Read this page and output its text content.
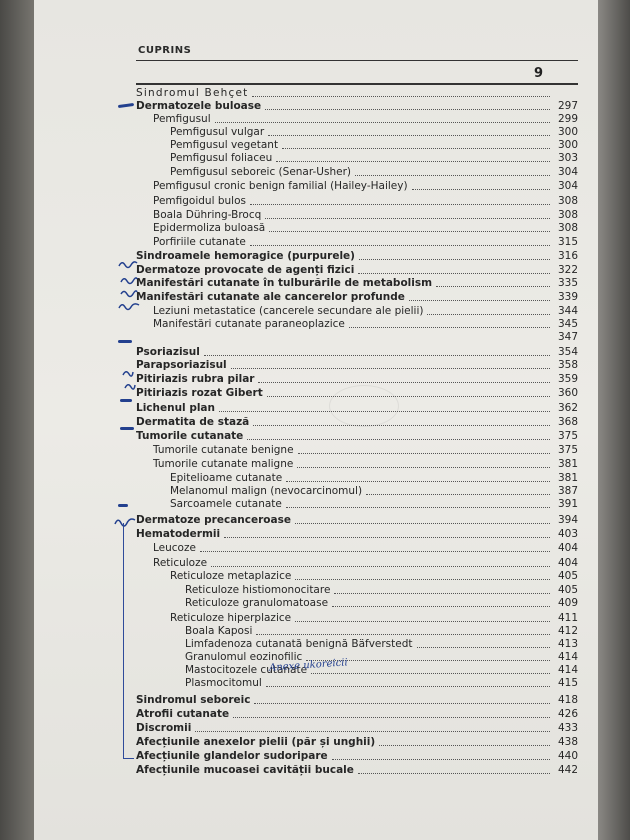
CUPRINS
9
Sindromul Behçet
Dermatozele buloase	297
Pemfigusul	299
Pemfigusul vulgar	300
Pemfigusul vegetant	300
Pemfigusul foliaceu	303
Pemfigusul seboreic (Senar-Usher)	304
Pemfigusul cronic benign familial (Hailey-Hailey)	304
Pemfigoidul bulos	308
Boala Dühring-Brocq	308
Epidermoliza buloasă	308
Porfiriile cutanate	315
Sindroamele hemoragice (purpurele)	316
Dermatoze provocate de agenți fizici	322
Manifestări cutanate în tulburările de metabolism	335
Manifestări cutanate ale cancerelor profunde	339
Leziuni metastatice (cancerele secundare ale pielii)	344
Manifestări cutanate paraneoplazice	345
347
Psoriazisul	354
Parapsoriazisul	358
Pitiriazis rubra pilar	359
Pitiriazis rozat Gibert	360
Lichenul plan	362
Dermatita de stază	368
Tumorile cutanate	375
Tumorile cutanate benigne	375
Tumorile cutanate maligne	381
Epitelioame cutanate	381
Melanomul malign (nevocarcinomul)	387
Sarcoamele cutanate	391
Dermatoze precanceroase	394
Hematodermii	403
Leucoze	404
Reticuloze	404
Reticuloze metaplazice	405
Reticuloze histiomonocitare	405
Reticuloze granulomatoase	409
Reticuloze hiperplazice	411
Boala Kaposi	412
Limfadenoza cutanată benignă Bäfverstedt	413
Granulomul eozinofilic	414
Mastocitozele cutanate	414
Plasmocitomul	415
Sindromul seboreic	418
Atrofii cutanate	426
Discromii	433
Afecțiunile anexelor pielii (păr și unghii)	438
Afecțiunile glandelor sudoripare	440
Afecțiunile mucoasei cavității bucale	442
Anexe ukoreicii
